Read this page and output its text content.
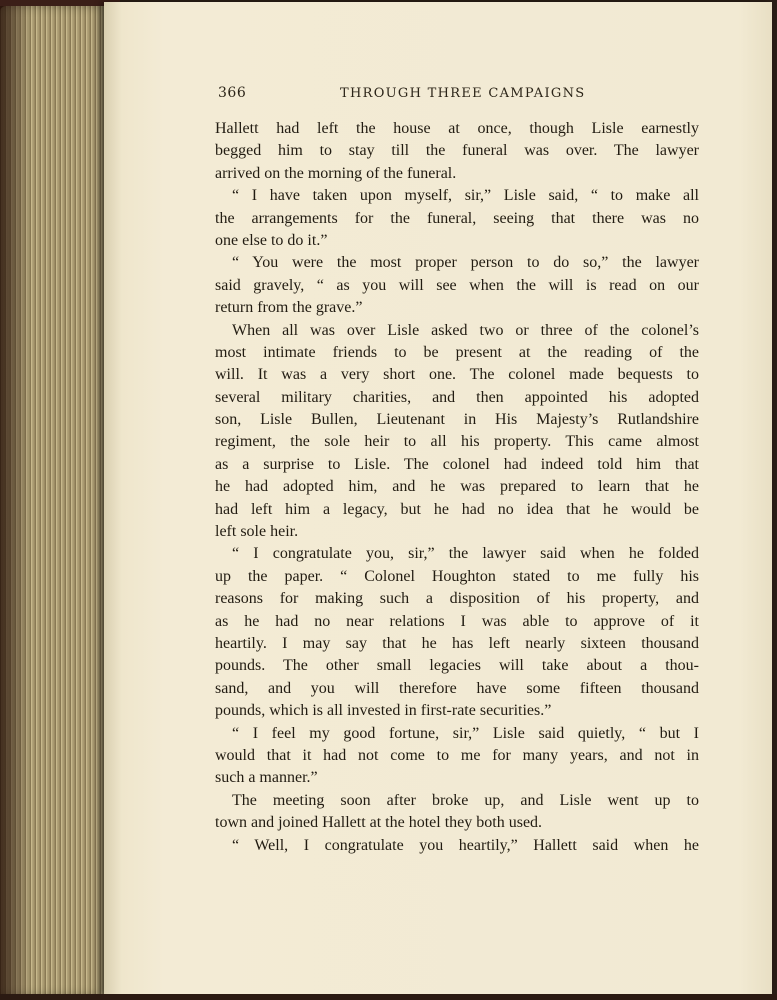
366	THROUGH THREE CAMPAIGNS
Hallett had left the house at once, though Lisle earnestly
begged him to stay till the funeral was over. The lawyer
arrived on the morning of the funeral.
“ I have taken upon myself, sir,” Lisle said, “ to make all
the arrangements for the funeral, seeing that there was no
one else to do it.”
“ You were the most proper person to do so,” the lawyer
said gravely, “ as you will see when the will is read on our
return from the grave.”
When all was over Lisle asked two or three of the colonel’s
most intimate friends to be present at the reading of the
will. It was a very short one. The colonel made bequests to
several military charities, and then appointed his adopted
son, Lisle Bullen, Lieutenant in His Majesty’s Rutlandshire
regiment, the sole heir to all his property. This came almost
as a surprise to Lisle. The colonel had indeed told him that
he had adopted him, and he was prepared to learn that he
had left him a legacy, but he had no idea that he would be
left sole heir.
“ I congratulate you, sir,” the lawyer said when he folded
up the paper. “ Colonel Houghton stated to me fully his
reasons for making such a disposition of his property, and
as he had no near relations I was able to approve of it
heartily. I may say that he has left nearly sixteen thousand
pounds. The other small legacies will take about a thou-
sand, and you will therefore have some fifteen thousand
pounds, which is all invested in first-rate securities.”
“ I feel my good fortune, sir,” Lisle said quietly, “ but I
would that it had not come to me for many years, and not in
such a manner.”
The meeting soon after broke up, and Lisle went up to
town and joined Hallett at the hotel they both used.
“ Well, I congratulate you heartily,” Hallett said when he
